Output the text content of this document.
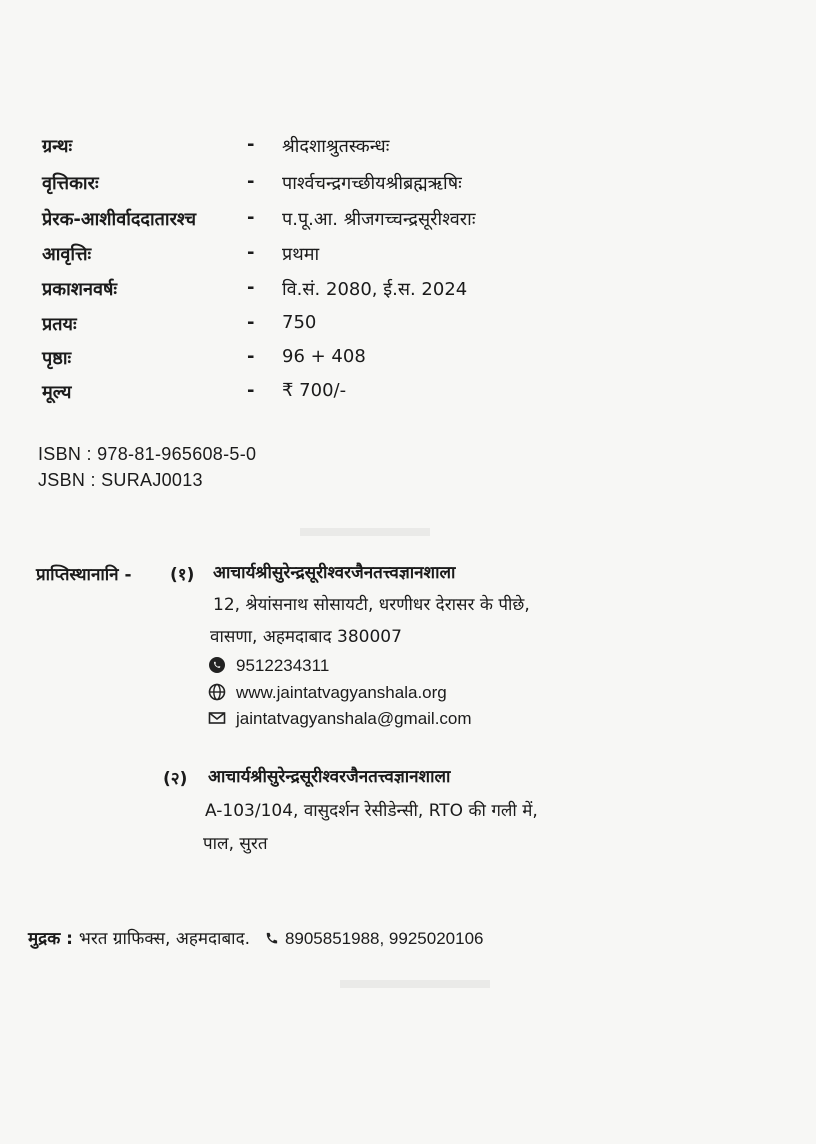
ग्रन्थः	- श्रीदशाश्रुतस्कन्धः
वृत्तिकारः	- पार्श्वचन्द्रगच्छीयश्रीब्रह्मऋषिः
प्रेरक-आशीर्वाददातारश्च	- प.पू.आ. श्रीजगच्चन्द्रसूरीश्वराः
आवृत्तिः	- प्रथमा
प्रकाशनवर्षः	- वि.सं. 2080, ई.स. 2024
प्रतयः	- 750
पृष्ठाः	- 96 + 408
मूल्य	- ₹ 700/-
ISBN : 978-81-965608-5-0
JSBN : SURAJ0013
प्राप्तिस्थानानि - (१) आचार्यश्रीसुरेन्द्रसूरीश्वरजैनतत्त्वज्ञानशाला
12, श्रेयांसनाथ सोसायटी, धरणीधर देरासर के पीछे,
वासणा, अहमदाबाद 380007
9512234311
www.jaintatvagyanshala.org
jaintatvagyanshala@gmail.com
(२) आचार्यश्रीसुरेन्द्रसूरीश्वरजैनतत्त्वज्ञानशाला
A-103/104, वासुदर्शन रेसीडेन्सी, RTO की गली में,
पाल, सुरत
मुद्रक : भरत ग्राफिक्स, अहमदाबाद. 8905851988, 9925020106
